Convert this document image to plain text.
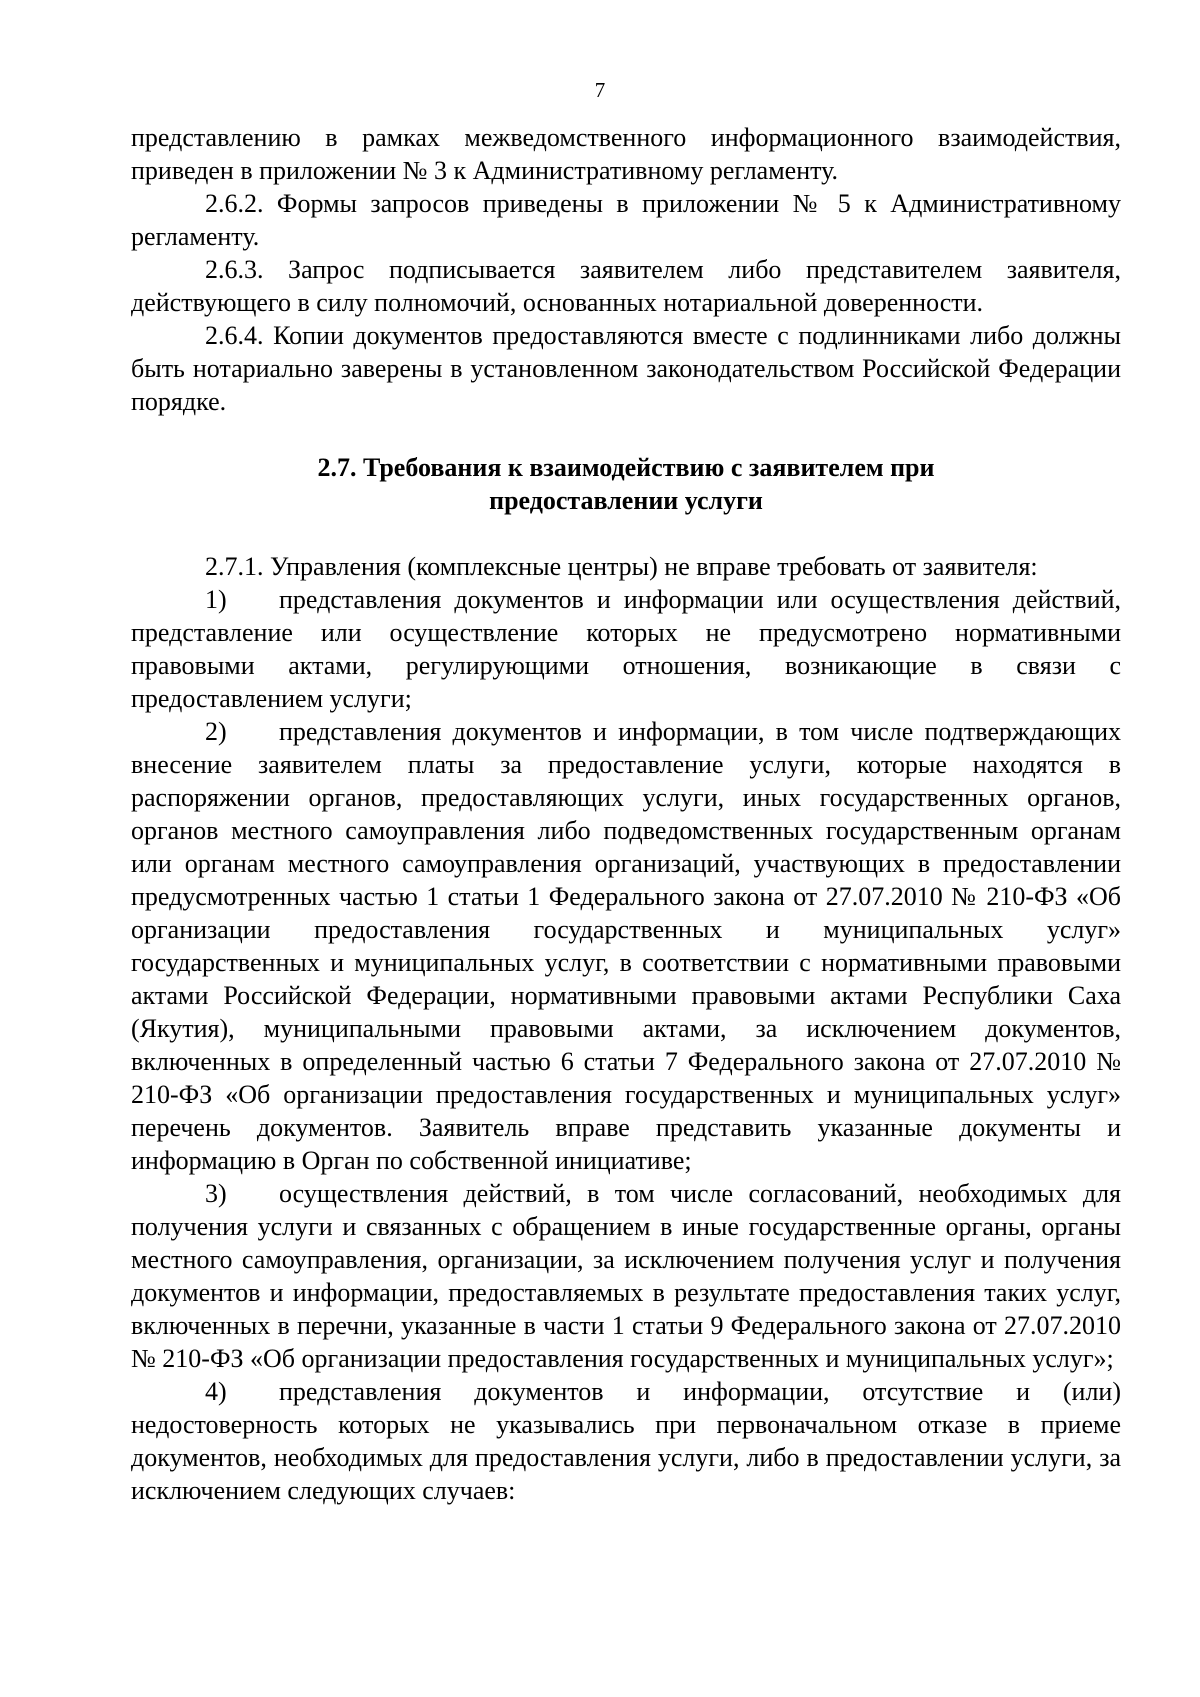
7

представлению в рамках межведомственного информационного взаимодействия, приведен в приложении № 3 к Административному регламенту.

2.6.2. Формы запросов приведены в приложении № 5 к Административному регламенту.

2.6.3. Запрос подписывается заявителем либо представителем заявителя, действующего в силу полномочий, основанных нотариальной доверенности.

2.6.4. Копии документов предоставляются вместе с подлинниками либо должны быть нотариально заверены в установленном законодательством Российской Федерации порядке.

2.7. Требования к взаимодействию с заявителем при

предоставлении услуги

2.7.1. Управления (комплексные центры) не вправе требовать от заявителя:

1) представления документов и информации или осуществления действий, представление или осуществление которых не предусмотрено нормативными правовыми актами, регулирующими отношения, возникающие в связи с предоставлением услуги;

2) представления документов и информации, в том числе подтверждающих внесение заявителем платы за предоставление услуги, которые находятся в распоряжении органов, предоставляющих услуги, иных государственных органов, органов местного самоуправления либо подведомственных государственным органам или органам местного самоуправления организаций, участвующих в предоставлении предусмотренных частью 1 статьи 1 Федерального закона от 27.07.2010 № 210-ФЗ «Об организации предоставления государственных и муниципальных услуг» государственных и муниципальных услуг, в соответствии с нормативными правовыми актами Российской Федерации, нормативными правовыми актами Республики Саха (Якутия), муниципальными правовыми актами, за исключением документов, включенных в определенный частью 6 статьи 7 Федерального закона от 27.07.2010 № 210-ФЗ «Об организации предоставления государственных и муниципальных услуг» перечень документов. Заявитель вправе представить указанные документы и информацию в Орган по собственной инициативе;

3) осуществления действий, в том числе согласований, необходимых для получения услуги и связанных с обращением в иные государственные органы, органы местного самоуправления, организации, за исключением получения услуг и получения документов и информации, предоставляемых в результате предоставления таких услуг, включенных в перечни, указанные в части 1 статьи 9 Федерального закона от 27.07.2010 № 210-ФЗ «Об организации предоставления государственных и муниципальных услуг»;

4) представления документов и информации, отсутствие и (или) недостоверность которых не указывались при первоначальном отказе в приеме документов, необходимых для предоставления услуги, либо в предоставлении услуги, за исключением следующих случаев:
